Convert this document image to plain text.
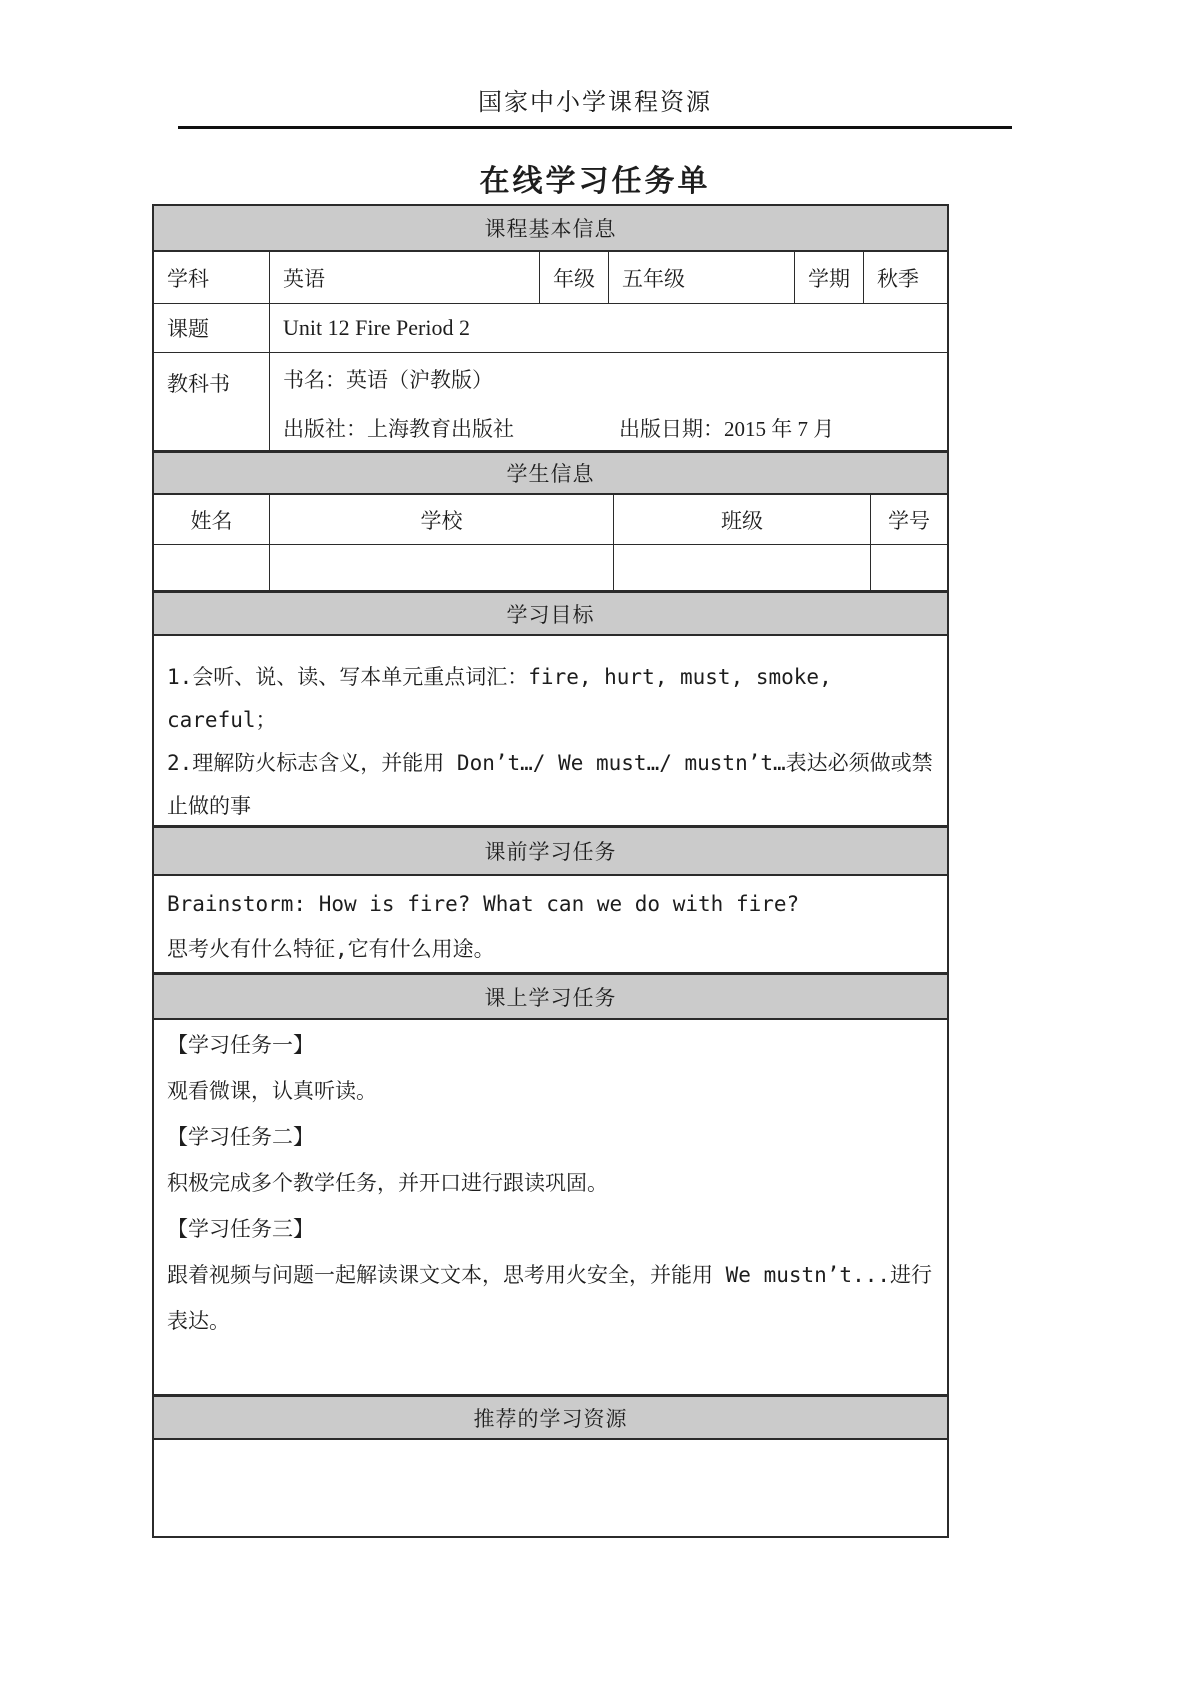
国家中小学课程资源
在线学习任务单
课程基本信息
学科	英语	年级	五年级	学期	秋季
课题	Unit 12 Fire Period 2
教科书	书名：英语（沪教版）
出版社：上海教育出版社	出版日期：2015 年 7 月
学生信息
姓名	学校	班级	学号
学习目标
1.会听、说、读、写本单元重点词汇：fire, hurt, must, smoke, careful；
2.理解防火标志含义，并能用 Don’t…/ We must…/ mustn’t…表达必须做或禁止做的事
课前学习任务
Brainstorm: How is fire? What can we do with fire?
思考火有什么特征,它有什么用途。
课上学习任务
【学习任务一】
观看微课，认真听读。
【学习任务二】
积极完成多个教学任务，并开口进行跟读巩固。
【学习任务三】
跟着视频与问题一起解读课文文本，思考用火安全，并能用 We mustn’t...进行
表达。
推荐的学习资源
